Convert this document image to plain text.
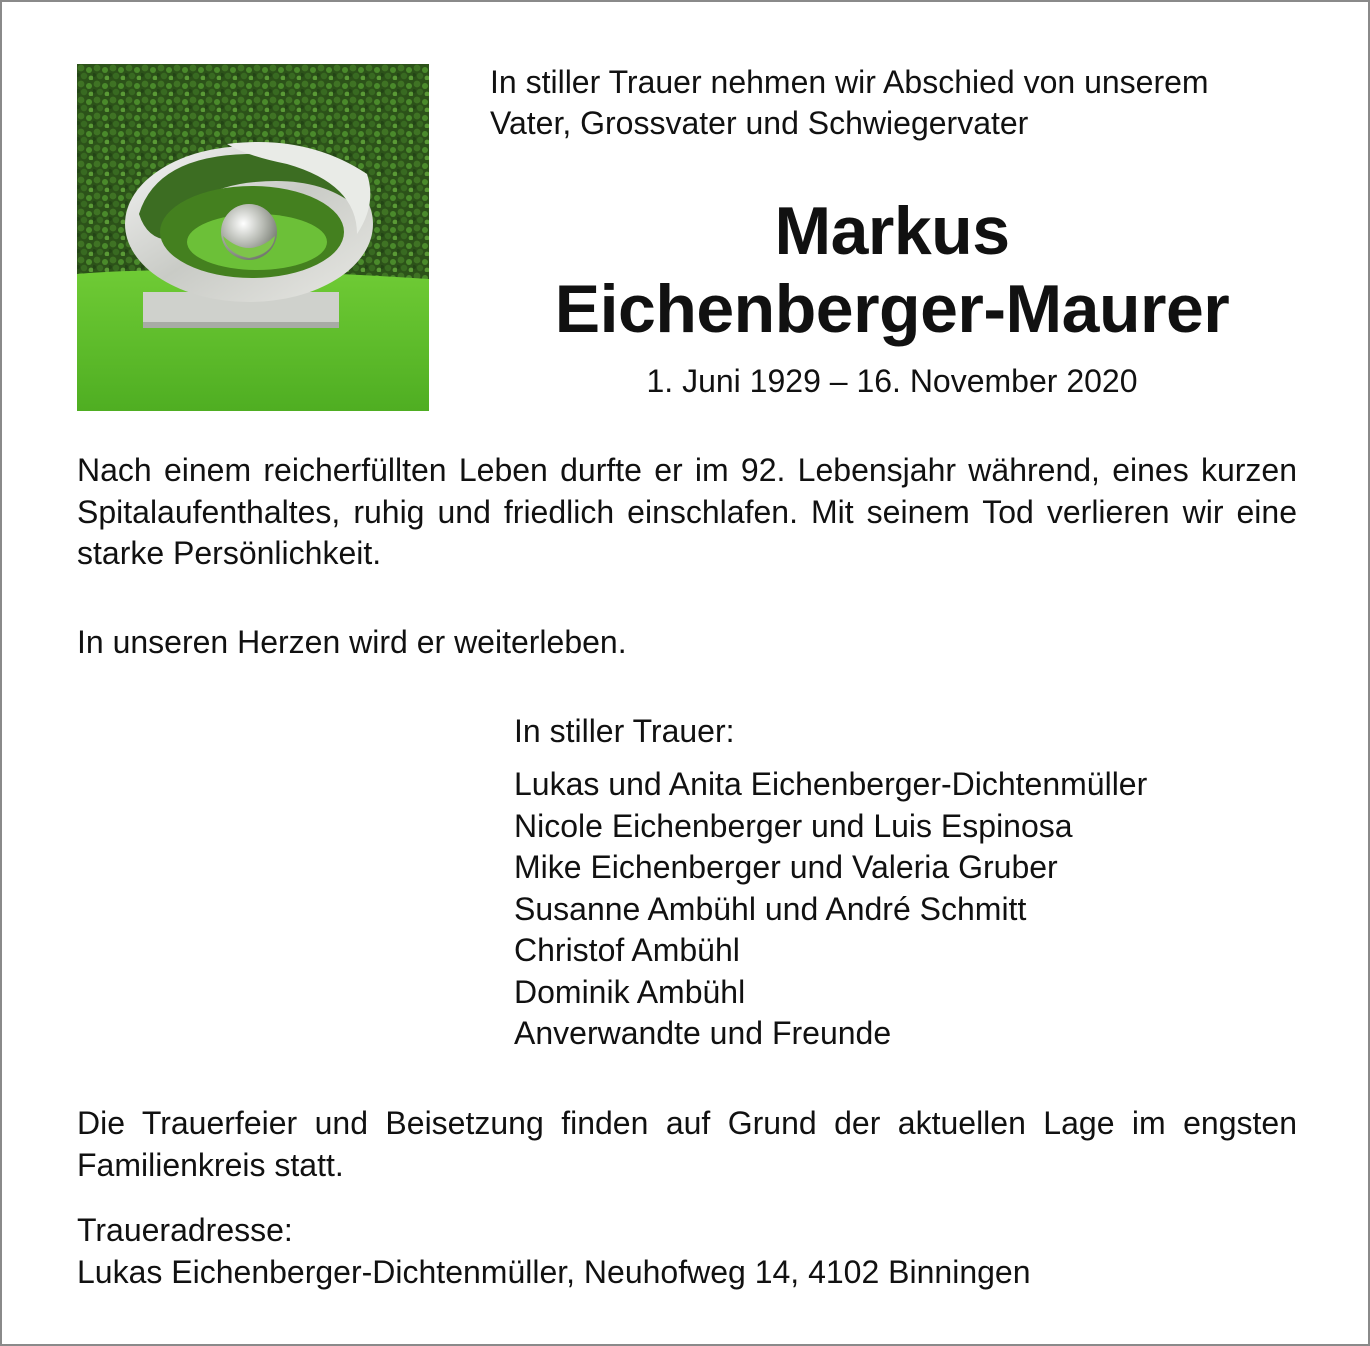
In stiller Trauer nehmen wir Abschied von unserem
Vater, Grossvater und Schwiegervater
Markus
Eichenberger-Maurer
1. Juni 1929 – 16. November 2020
Nach einem reicherfüllten Leben durfte er im 92. Lebensjahr während, eines kurzen Spitalaufenthaltes, ruhig und friedlich einschlafen. Mit seinem Tod verlieren wir eine starke Persönlichkeit.
In unseren Herzen wird er weiterleben.
In stiller Trauer:
Lukas und Anita Eichenberger-Dichtenmüller
Nicole Eichenberger und Luis Espinosa
Mike Eichenberger und Valeria Gruber
Susanne Ambühl und André Schmitt
Christof Ambühl
Dominik Ambühl
Anverwandte und Freunde
Die Trauerfeier und Beisetzung finden auf Grund der aktuellen Lage im engsten Familienkreis statt.
Traueradresse:
Lukas Eichenberger-Dichtenmüller, Neuhofweg 14, 4102 Binningen
